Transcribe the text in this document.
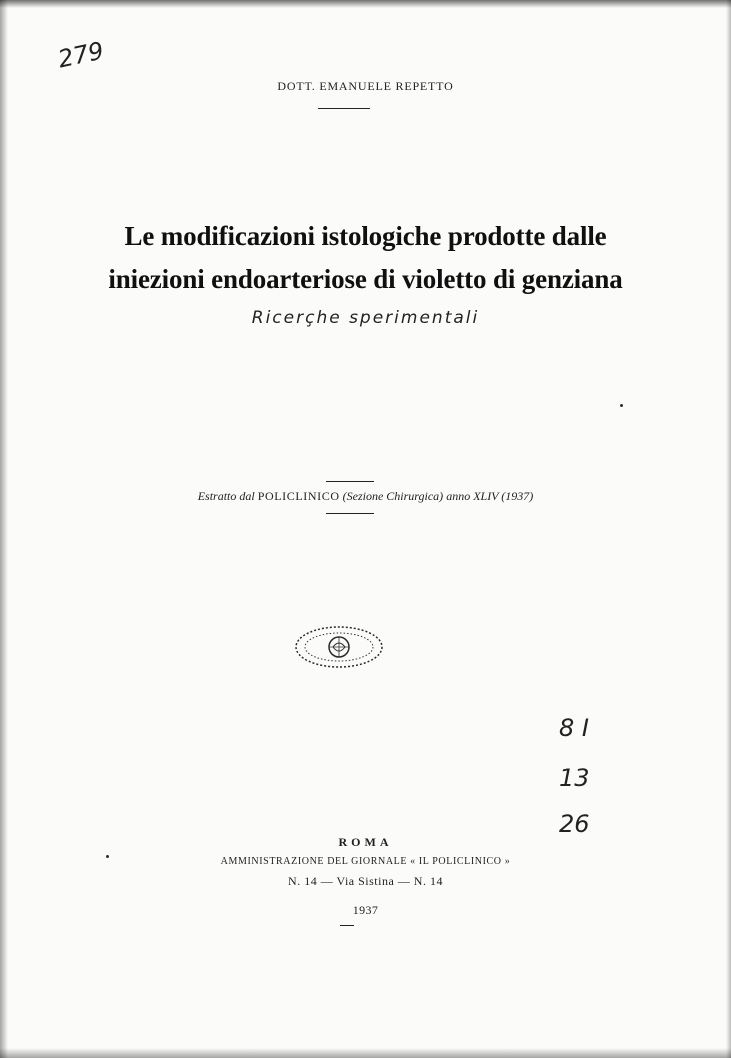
279
DOTT. EMANUELE REPETTO
Le modificazioni istologiche prodotte dalle
iniezioni endoarteriose di violetto di genziana
Ricerçhe sperimentali
Estratto dal POLICLINICO (Sezione Chirurgica) anno XLIV (1937)
8 I
13
26
ROMA
AMMINISTRAZIONE DEL GIORNALE « IL POLICLINICO »
N. 14 — Via Sistina — N. 14
1937
